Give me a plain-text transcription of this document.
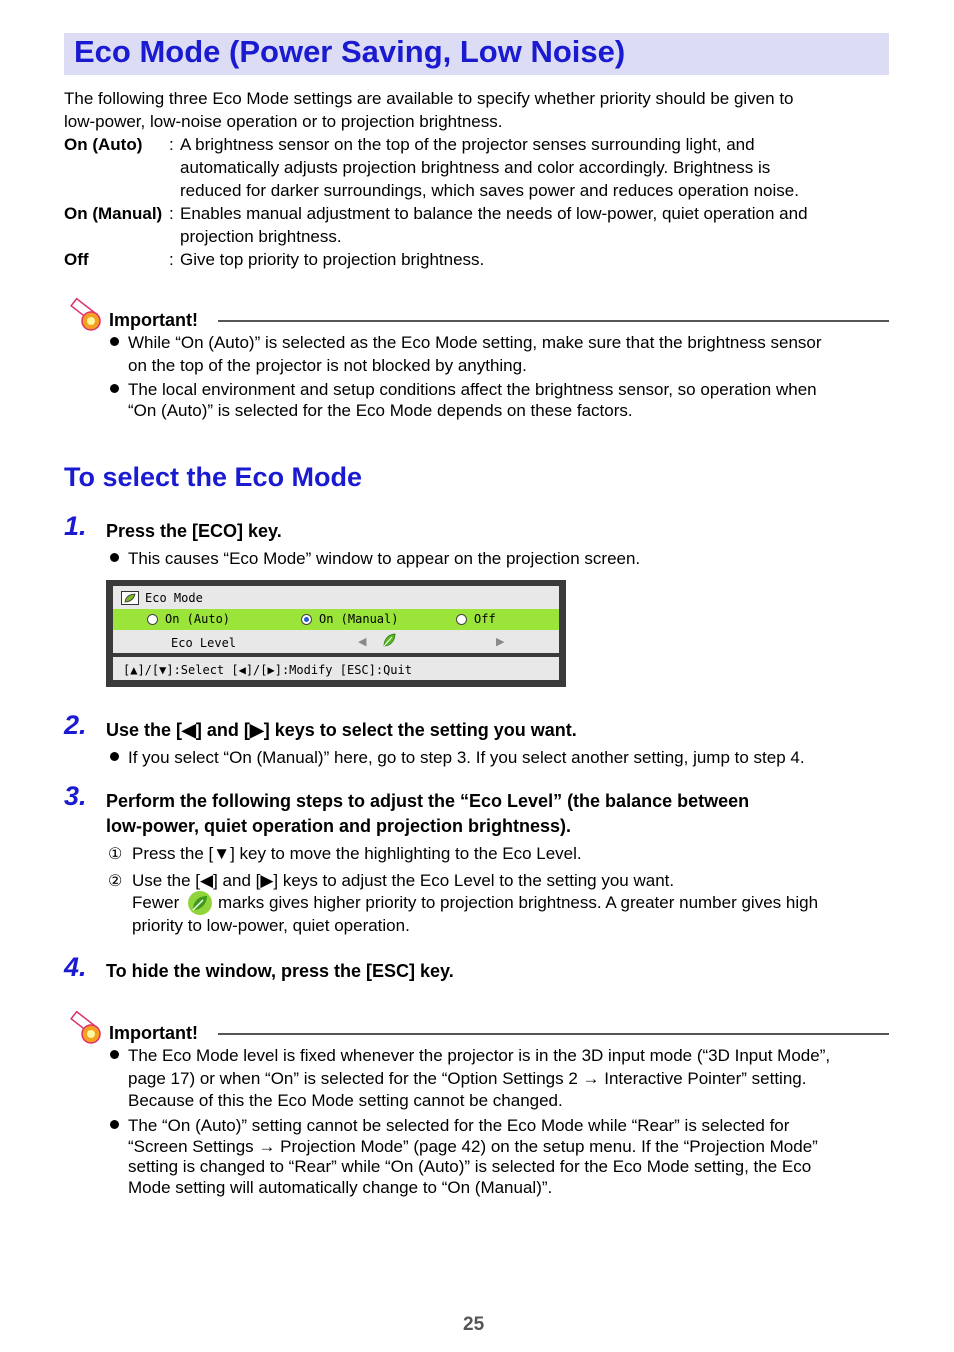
Eco Mode (Power Saving, Low Noise)
The following three Eco Mode settings are available to specify whether priority should be given to
low-power, low-noise operation or to projection brightness.
On (Auto) : A brightness sensor on the top of the projector senses surrounding light, and
automatically adjusts projection brightness and color accordingly. Brightness is
reduced for darker surroundings, which saves power and reduces operation noise.
On (Manual) : Enables manual adjustment to balance the needs of low-power, quiet operation and
projection brightness.
Off	: Give top priority to projection brightness.
Important!
While “On (Auto)” is selected as the Eco Mode setting, make sure that the brightness sensor
on the top of the projector is not blocked by anything.
The local environment and setup conditions affect the brightness sensor, so operation when
“On (Auto)” is selected for the Eco Mode depends on these factors.
To select the Eco Mode
1. Press the [ECO] key.
This causes “Eco Mode” window to appear on the projection screen.
Eco Mode
On (Auto)	On (Manual)	Off
Eco Level	◀	▶
[▲]/[▼]:Select [◀]/[▶]:Modify [ESC]:Quit
2. Use the [◀] and [▶] keys to select the setting you want.
If you select “On (Manual)” here, go to step 3. If you select another setting, jump to step 4.
3. Perform the following steps to adjust the “Eco Level” (the balance between
low-power, quiet operation and projection brightness).
① Press the [▼] key to move the highlighting to the Eco Level.
② Use the [◀] and [▶] keys to adjust the Eco Level to the setting you want.
Fewer marks gives higher priority to projection brightness. A greater number gives high
priority to low-power, quiet operation.
4. To hide the window, press the [ESC] key.
Important!
The Eco Mode level is fixed whenever the projector is in the 3D input mode (“3D Input Mode”,
page 17) or when “On” is selected for the “Option Settings 2 → Interactive Pointer” setting.
Because of this the Eco Mode setting cannot be changed.
The “On (Auto)” setting cannot be selected for the Eco Mode while “Rear” is selected for
“Screen Settings → Projection Mode” (page 42) on the setup menu. If the “Projection Mode”
setting is changed to “Rear” while “On (Auto)” is selected for the Eco Mode setting, the Eco
Mode setting will automatically change to “On (Manual)”.
25
